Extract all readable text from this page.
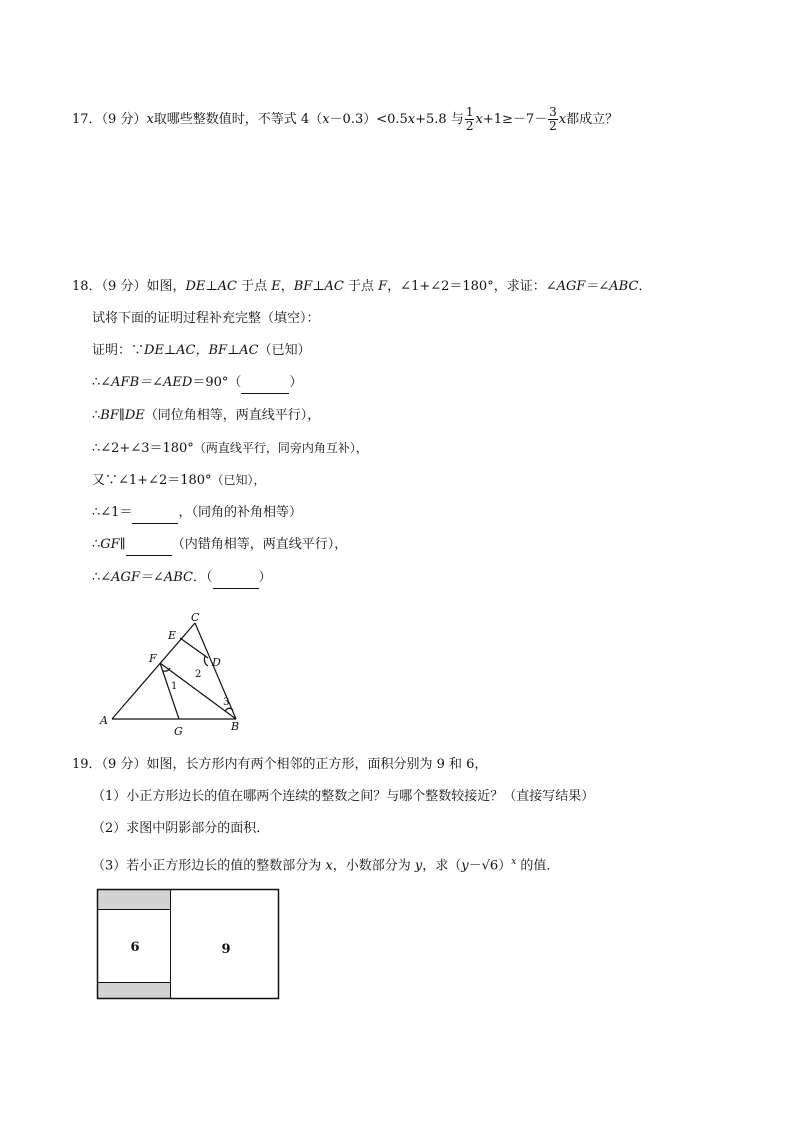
17．（9 分）x取哪些整数值时，不等式 4（x－0.3）<0.5x+5.8 与 $\frac{1}{2} x+1\ge-7- \frac{3}{2}$ x都成立？
18．（9 分）如图，DE⊥AC 于点 E，BF⊥AC 于点 F，∠1+∠2＝180°，求证：∠AGF＝∠ABC．
试将下面的证明过程补充完整（填空）：
证明：∵DE⊥AC，BF⊥AC（已知）
∴∠AFB＝∠AED＝90°（	）
∴BF∥DE（同位角相等，两直线平行），
∴∠2+∠3＝180°（两直线平行，同旁内角互补），
又∵∠1+∠2＝180°（已知），
∴∠1＝	，（同角的补角相等）
∴GF∥	（内错角相等，两直线平行），
∴∠AGF＝∠ABC．（	）
A	B
C
D
E
F
G
1
2
3
19．（9 分）如图，长方形内有两个相邻的正方形，面积分别为 9 和 6，
（1）小正方形边长的值在哪两个连续的整数之间？与哪个整数较接近？（直接写结果）
（2）求图中阴影部分的面积．
（3）若小正方形边长的值的整数部分为 x，小数部分为 y，求$(y-√6)^x$ 的值．
6	9
